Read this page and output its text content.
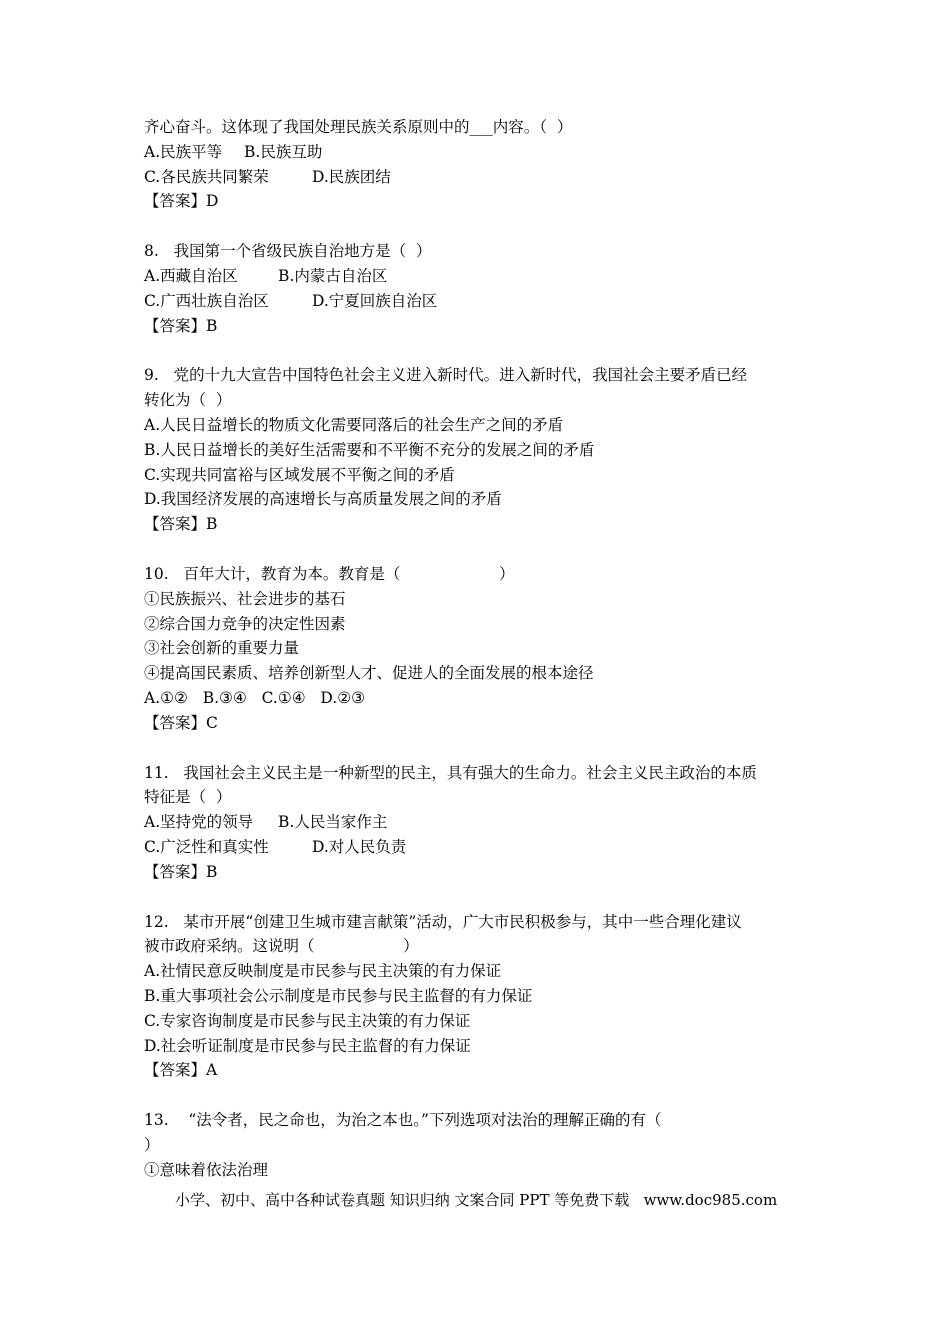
齐心奋斗。这体现了我国处理民族关系原则中的___内容。（  ）
A.民族平等	B.民族互助
C.各民族共同繁荣	D.民族团结
【答案】D
8.   我国第一个省级民族自治地方是（  ）
A.西藏自治区	B.内蒙古自治区
C.广西壮族自治区	D.宁夏回族自治区
【答案】B
9.   党的十九大宣告中国特色社会主义进入新时代。进入新时代，我国社会主要矛盾已经
转化为（  ）
A.人民日益增长的物质文化需要同落后的社会生产之间的矛盾
B.人民日益增长的美好生活需要和不平衡不充分的发展之间的矛盾
C.实现共同富裕与区域发展不平衡之间的矛盾
D.我国经济发展的高速增长与高质量发展之间的矛盾
【答案】B
10.   百年大计，教育为本。教育是（                    ）
①民族振兴、社会进步的基石
②综合国力竞争的决定性因素
③社会创新的重要力量
④提高国民素质、培养创新型人才、促进人的全面发展的根本途径
A.①②   B.③④   C.①④   D.②③
【答案】C
11.   我国社会主义民主是一种新型的民主，具有强大的生命力。社会主义民主政治的本质
特征是（  ）
A.坚持党的领导	B.人民当家作主
C.广泛性和真实性	D.对人民负责
【答案】B
12.   某市开展“创建卫生城市建言献策”活动，广大市民积极参与，其中一些合理化建议
被市政府采纳。这说明（                  ）
A.社情民意反映制度是市民参与民主决策的有力保证
B.重大事项社会公示制度是市民参与民主监督的有力保证
C.专家咨询制度是市民参与民主决策的有力保证
D.社会听证制度是市民参与民主监督的有力保证
【答案】A
13.    “法令者，民之命也，为治之本也。”下列选项对法治的理解正确的有（
）
①意味着依法治理
小学、初中、高中各种试卷真题 知识归纳 文案合同 PPT 等免费下载   www.doc985.com
